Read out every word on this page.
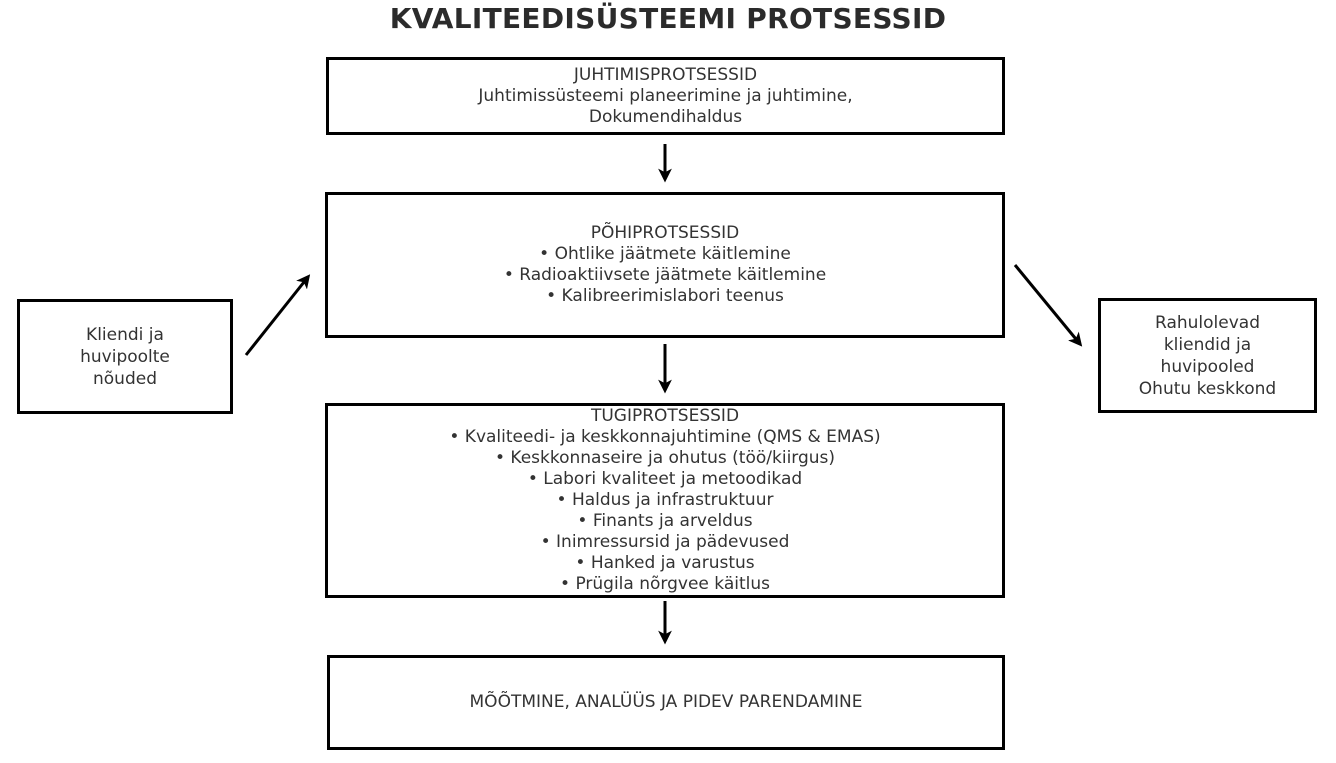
KVALITEEDISÜSTEEMI PROTSESSID
JUHTIMISPROTSESSID
Juhtimissüsteemi planeerimine ja juhtimine,
Dokumendihaldus
PÕHIPROTSESSID
• Ohtlike jäätmete käitlemine
• Radioaktiivsete jäätmete käitlemine
• Kalibreerimislabori teenus
TUGIPROTSESSID
• Kvaliteedi- ja keskkonnajuhtimine (QMS & EMAS)
• Keskkonnaseire ja ohutus (töö/kiirgus)
• Labori kvaliteet ja metoodikad
• Haldus ja infrastruktuur
• Finants ja arveldus
• Inimressursid ja pädevused
• Hanked ja varustus
• Prügila nõrgvee käitlus
MÕÕTMINE, ANALÜÜS JA PIDEV PARENDAMINE
Kliendi ja
huvipoolte
nõuded
Rahulolevad
kliendid ja
huvipooled
Ohutu keskkond
